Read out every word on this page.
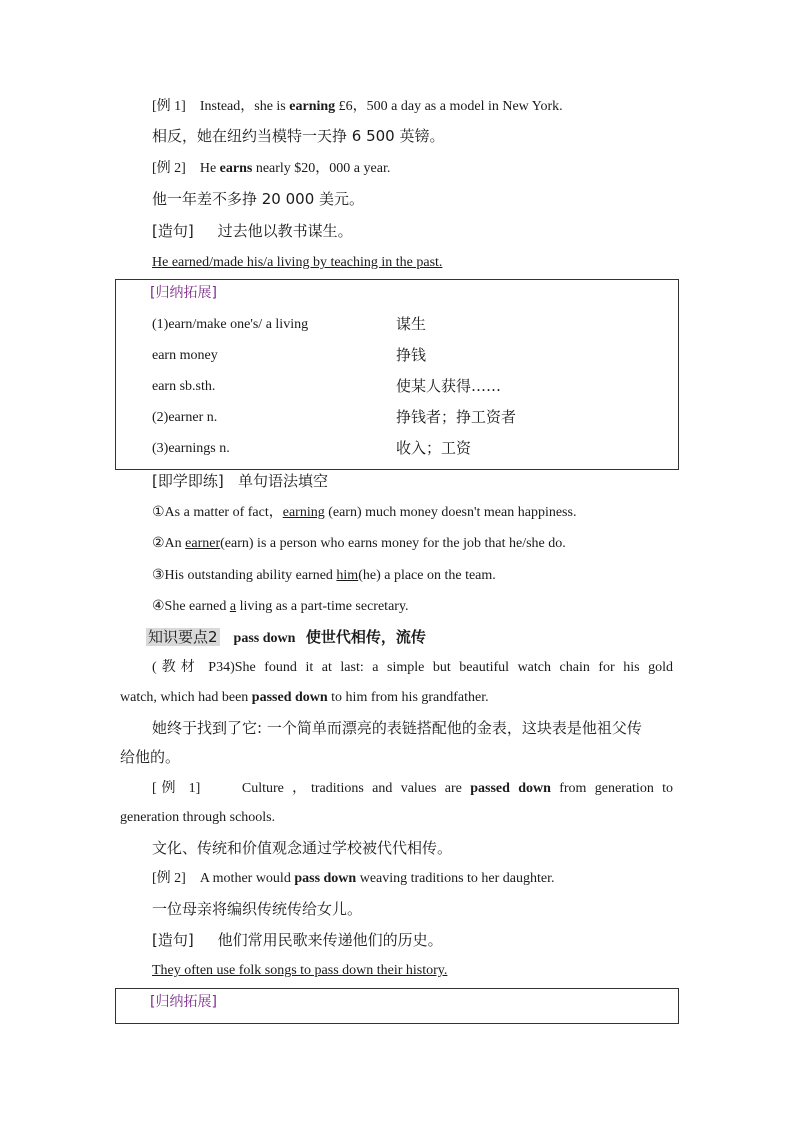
[例 1] Instead，she is earning £6，500 a day as a model in New York.
相反，她在纽约当模特一天挣 6 500 英镑。
[例 2] He earns nearly $20，000 a year.
他一年差不多挣 20 000 美元。
[造句] 过去他以教书谋生。
He earned/made his/a living by teaching in the past.
[归纳拓展]
(1)earn/make one's/ a living	谋生
earn money	挣钱
earn sb.sth.	使某人获得……
(2)earner n.	挣钱者；挣工资者
(3)earnings n.	收入；工资
[即学即练] 单句语法填空
①As a matter of fact，earning (earn) much money doesn't mean happiness.
②An earner(earn) is a person who earns money for the job that he/she do.
③His outstanding ability earned him(he) a place on the team.
④She earned a living as a part-time secretary.
知识要点2 pass down 使世代相传，流传
(教材 P34)She found it at last: a simple but beautiful watch chain for his gold
watch, which had been passed down to him from his grandfather.
她终于找到了它: 一个简单而漂亮的表链搭配他的金表，这块表是他祖父传
给他的。
[例 1]	Culture ，traditions and values are passed down from generation to
generation through schools.
文化、传统和价值观念通过学校被代代相传。
[例 2] A mother would pass down weaving traditions to her daughter.
一位母亲将编织传统传给女儿。
[造句] 他们常用民歌来传递他们的历史。
They often use folk songs to pass down their history.
[归纳拓展]
